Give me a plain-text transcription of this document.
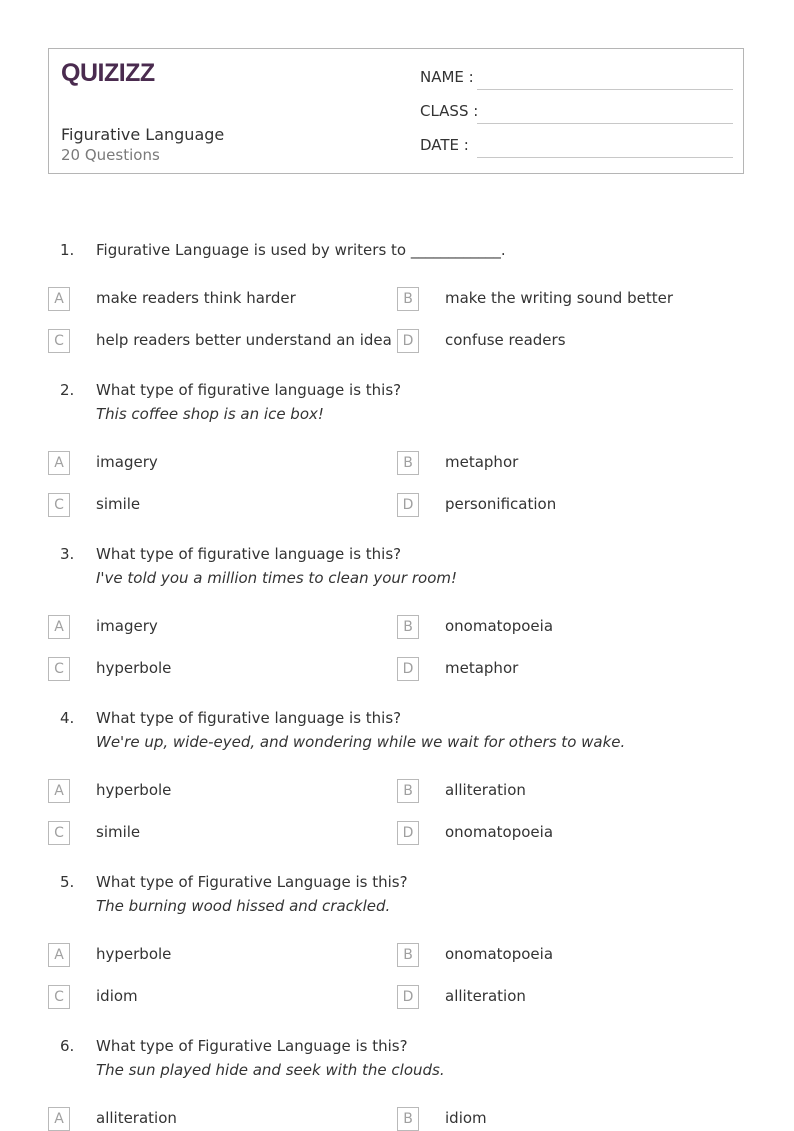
QUIZIZZ
Figurative Language
20 Questions
NAME :
CLASS :
DATE :
1. Figurative Language is used by writers to ____________.
A	make readers think harder	B	make the writing sound better
C	help readers better understand an idea D	confuse readers
2. What type of figurative language is this?
This coffee shop is an ice box!
A	imagery	B	metaphor
C	simile	D	personification
3. What type of figurative language is this?
I've told you a million times to clean your room!
A	imagery	B	onomatopoeia
C	hyperbole	D	metaphor
4. What type of figurative language is this?
We're up, wide-eyed, and wondering while we wait for others to wake.
A	hyperbole	B	alliteration
C	simile	D	onomatopoeia
5. What type of Figurative Language is this?
The burning wood hissed and crackled.
A	hyperbole	B	onomatopoeia
C	idiom	D	alliteration
6. What type of Figurative Language is this?
The sun played hide and seek with the clouds.
A	alliteration	B	idiom
